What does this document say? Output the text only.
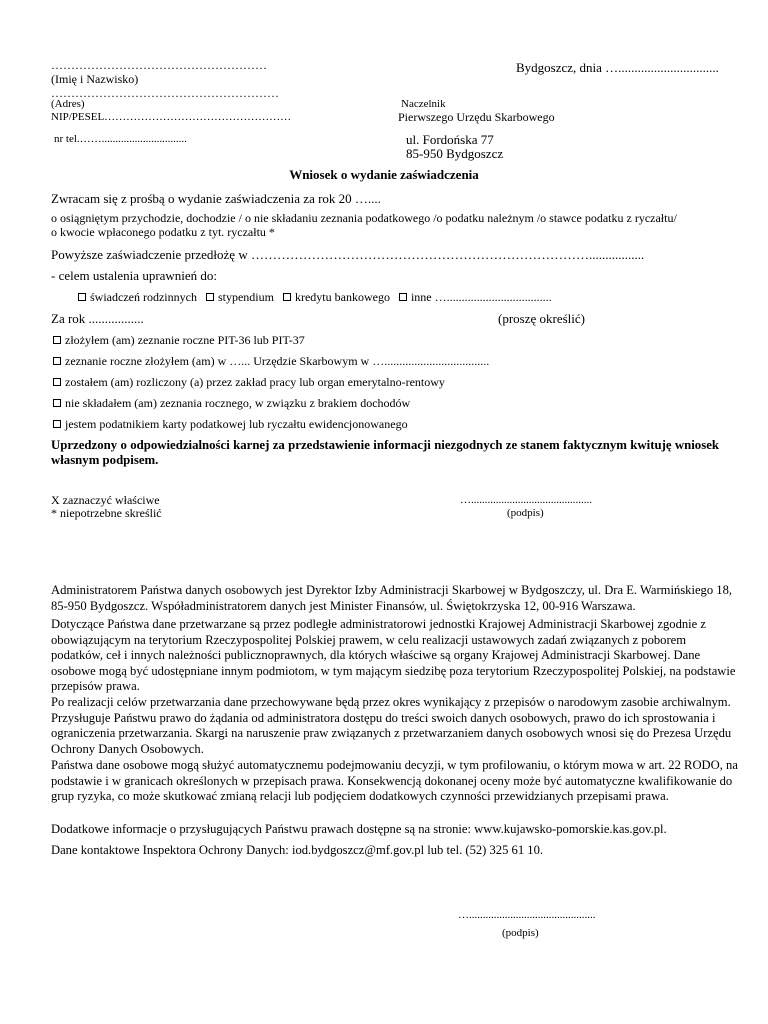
………………………………………………
(Imię i Nazwisko)
…………………………………………………
(Adres)
NIP/PESEL……………………………………………
nr tel.……...............................
Bydgoszcz, dnia …...............................
Naczelnik
Pierwszego Urzędu Skarbowego
ul. Fordońska 77
85-950 Bydgoszcz
Wniosek o wydanie zaświadczenia
Zwracam się z prośbą o wydanie zaświadczenia za rok 20 …....
o osiągniętym przychodzie, dochodzie / o nie składaniu zeznania podatkowego /o podatku należnym /o stawce podatku z ryczałtu/
o kwocie wpłaconego podatku z tyt. ryczałtu *
Powyższe zaświadczenie przedłożę w …………………………………………………………………….................
- celem ustalenia uprawnień do:
świadczeń rodzinnych stypendium kredytu bankowego inne …...................................
Za rok .................	(proszę określić)
złożyłem (am) zeznanie roczne PIT-36 lub PIT-37
zeznanie roczne złożyłem (am) w …... Urzędzie Skarbowym w …...................................
zostałem (am) rozliczony (a) przez zakład pracy lub organ emerytalno-rentowy
nie składałem (am) zeznania rocznego, w związku z brakiem dochodów
jestem podatnikiem karty podatkowej lub ryczałtu ewidencjonowanego
Uprzedzony o odpowiedzialności karnej za przedstawienie informacji niezgodnych ze stanem faktycznym kwituję wniosek własnym podpisem.
X zaznaczyć właściwe
* niepotrzebne skreślić
…............................................
(podpis)
Administratorem Państwa danych osobowych jest Dyrektor Izby Administracji Skarbowej w Bydgoszczy, ul. Dra E. Warmińskiego 18, 85-950 Bydgoszcz. Współadministratorem danych jest Minister Finansów, ul. Świętokrzyska 12, 00-916 Warszawa.
Dotyczące Państwa dane przetwarzane są przez podległe administratorowi jednostki Krajowej Administracji Skarbowej zgodnie z obowiązującym na terytorium Rzeczypospolitej Polskiej prawem, w celu realizacji ustawowych zadań związanych z poborem podatków, ceł i innych należności publicznoprawnych, dla których właściwe są organy Krajowej Administracji Skarbowej. Dane osobowe mogą być udostępniane innym podmiotom, w tym mającym siedzibę poza terytorium Rzeczypospolitej Polskiej, na podstawie przepisów prawa.
Po realizacji celów przetwarzania dane przechowywane będą przez okres wynikający z przepisów o narodowym zasobie archiwalnym. Przysługuje Państwu prawo do żądania od administratora dostępu do treści swoich danych osobowych, prawo do ich sprostowania i ograniczenia przetwarzania. Skargi na naruszenie praw związanych z przetwarzaniem danych osobowych wnosi się do Prezesa Urzędu Ochrony Danych Osobowych.
Państwa dane osobowe mogą służyć automatycznemu podejmowaniu decyzji, w tym profilowaniu, o którym mowa w art. 22 RODO, na podstawie i w granicach określonych w przepisach prawa. Konsekwencją dokonanej oceny może być automatyczne kwalifikowanie do grup ryzyka, co może skutkować zmianą relacji lub podjęciem dodatkowych czynności przewidzianych przepisami prawa.
Dodatkowe informacje o przysługujących Państwu prawach dostępne są na stronie: www.kujawsko-pomorskie.kas.gov.pl.
Dane kontaktowe Inspektora Ochrony Danych: iod.bydgoszcz@mf.gov.pl lub tel. (52) 325 61 10.
…..............................................
(podpis)
